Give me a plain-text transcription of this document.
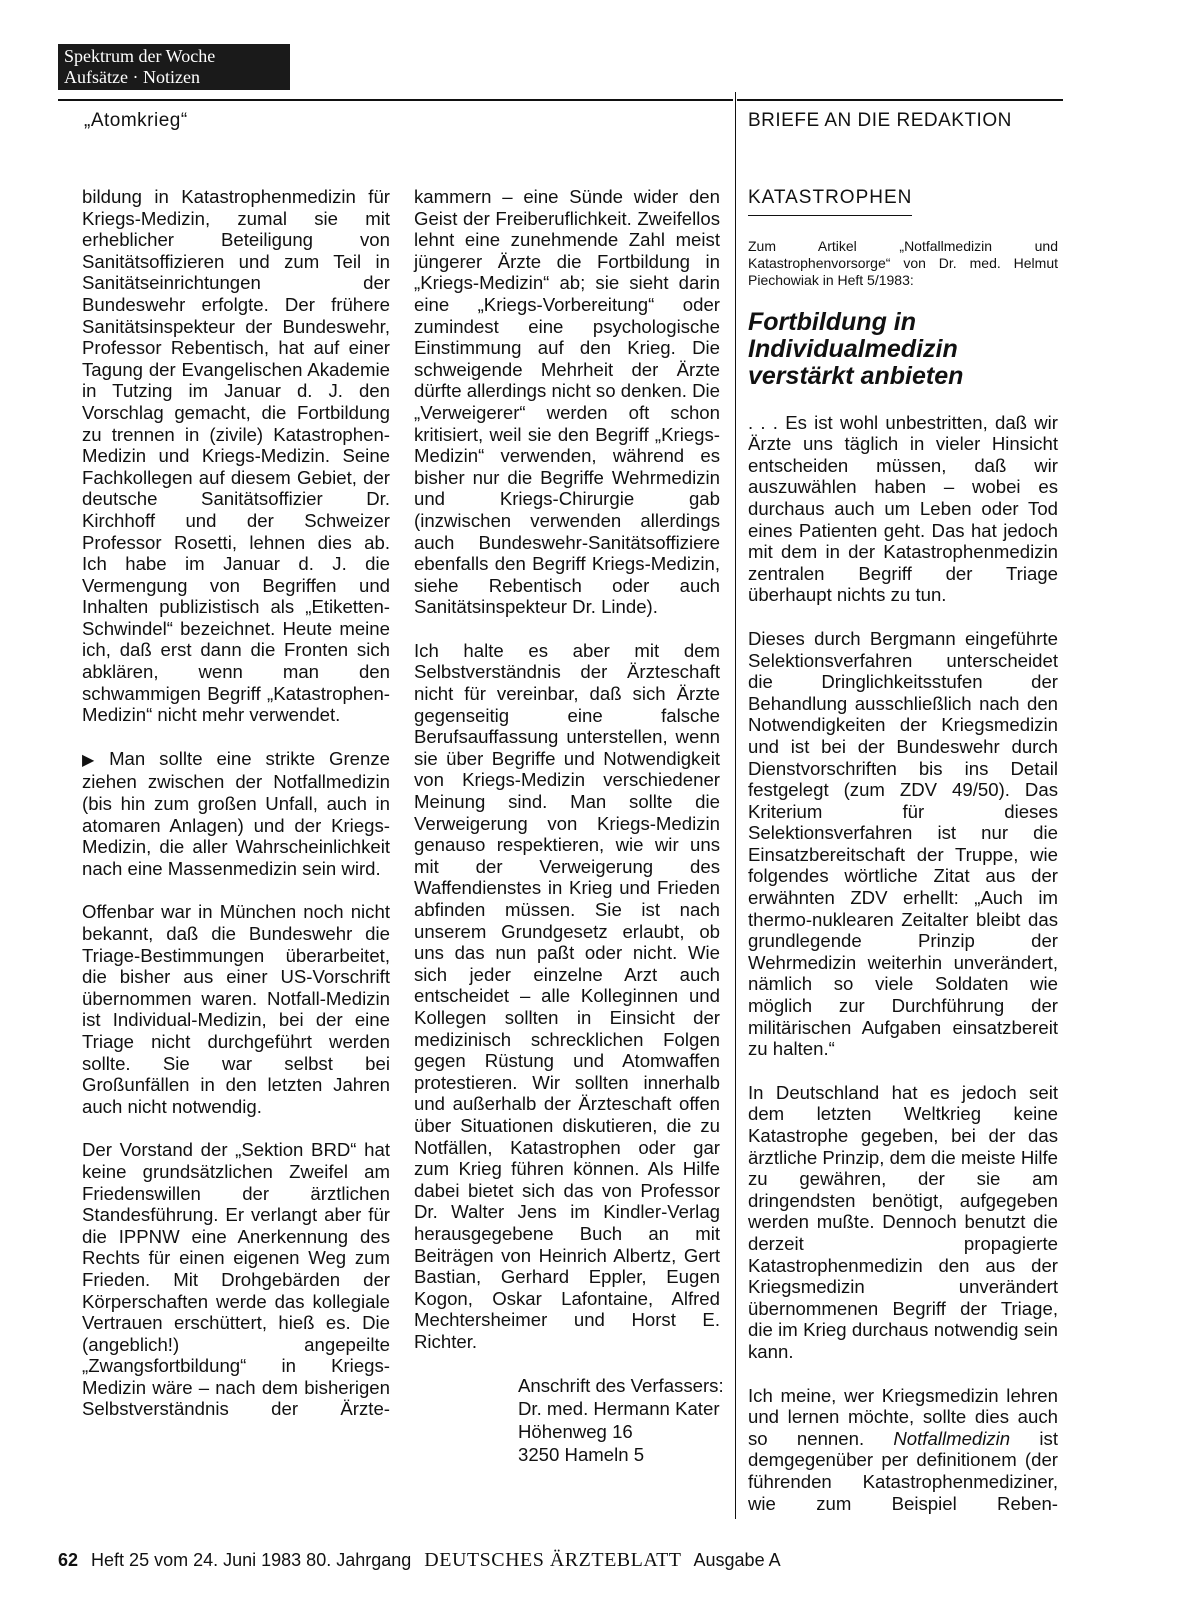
Spektrum der Woche
Aufsätze · Notizen
„Atomkrieg“	BRIEFE AN DIE REDAKTION

bildung in Katastrophenmedizin für Kriegs-Medizin, zumal sie mit erheblicher Beteiligung von Sanitätsoffizieren und zum Teil in Sanitätseinrichtungen der Bundeswehr erfolgte. Der frühere Sanitätsinspekteur der Bundeswehr, Professor Rebentisch, hat auf einer Tagung der Evangelischen Akademie in Tutzing im Januar d. J. den Vorschlag gemacht, die Fortbildung zu trennen in (zivile) Katastrophen-Medizin und Kriegs-Medizin. Seine Fachkollegen auf diesem Gebiet, der deutsche Sanitätsoffizier Dr. Kirchhoff und der Schweizer Professor Rosetti, lehnen dies ab. Ich habe im Januar d. J. die Vermengung von Begriffen und Inhalten publizistisch als „Etiketten-Schwindel“ bezeichnet. Heute meine ich, daß erst dann die Fronten sich abklären, wenn man den schwammigen Begriff „Katastrophen-Medizin“ nicht mehr verwendet.

▶ Man sollte eine strikte Grenze ziehen zwischen der Notfallmedizin (bis hin zum großen Unfall, auch in atomaren Anlagen) und der Kriegs-Medizin, die aller Wahrscheinlichkeit nach eine Massenmedizin sein wird.

Offenbar war in München noch nicht bekannt, daß die Bundeswehr die Triage-Bestimmungen überarbeitet, die bisher aus einer US-Vorschrift übernommen waren. Notfall-Medizin ist Individual-Medizin, bei der eine Triage nicht durchgeführt werden sollte. Sie war selbst bei Großunfällen in den letzten Jahren auch nicht notwendig.

Der Vorstand der „Sektion BRD“ hat keine grundsätzlichen Zweifel am Friedenswillen der ärztlichen Standesführung. Er verlangt aber für die IPPNW eine Anerkennung des Rechts für einen eigenen Weg zum Frieden. Mit Drohgebärden der Körperschaften werde das kollegiale Vertrauen erschüttert, hieß es. Die (angeblich!) angepeilte „Zwangsfortbildung“ in Kriegs-Medizin wäre – nach dem bisherigen Selbstverständnis der Ärzte-

kammern – eine Sünde wider den Geist der Freiberuflichkeit. Zweifellos lehnt eine zunehmende Zahl meist jüngerer Ärzte die Fortbildung in „Kriegs-Medizin“ ab; sie sieht darin eine „Kriegs-Vorbereitung“ oder zumindest eine psychologische Einstimmung auf den Krieg. Die schweigende Mehrheit der Ärzte dürfte allerdings nicht so denken. Die „Verweigerer“ werden oft schon kritisiert, weil sie den Begriff „Kriegs-Medizin“ verwenden, während es bisher nur die Begriffe Wehrmedizin und Kriegs-Chirurgie gab (inzwischen verwenden allerdings auch Bundeswehr-Sanitätsoffiziere ebenfalls den Begriff Kriegs-Medizin, siehe Rebentisch oder auch Sanitätsinspekteur Dr. Linde).

Ich halte es aber mit dem Selbstverständnis der Ärzteschaft nicht für vereinbar, daß sich Ärzte gegenseitig eine falsche Berufsauffassung unterstellen, wenn sie über Begriffe und Notwendigkeit von Kriegs-Medizin verschiedener Meinung sind. Man sollte die Verweigerung von Kriegs-Medizin genauso respektieren, wie wir uns mit der Verweigerung des Waffendienstes in Krieg und Frieden abfinden müssen. Sie ist nach unserem Grundgesetz erlaubt, ob uns das nun paßt oder nicht. Wie sich jeder einzelne Arzt auch entscheidet – alle Kolleginnen und Kollegen sollten in Einsicht der medizinisch schrecklichen Folgen gegen Rüstung und Atomwaffen protestieren. Wir sollten innerhalb und außerhalb der Ärzteschaft offen über Situationen diskutieren, die zu Notfällen, Katastrophen oder gar zum Krieg führen können. Als Hilfe dabei bietet sich das von Professor Dr. Walter Jens im Kindler-Verlag herausgegebene Buch an mit Beiträgen von Heinrich Albertz, Gert Bastian, Gerhard Eppler, Eugen Kogon, Oskar Lafontaine, Alfred Mechtersheimer und Horst E. Richter.

Anschrift des Verfassers:
Dr. med. Hermann Kater
Höhenweg 16
3250 Hameln 5
KATASTROPHEN
Zum Artikel „Notfallmedizin und Katastrophenvorsorge“ von Dr. med. Helmut Piechowiak in Heft 5/1983:
Fortbildung in Individualmedizin verstärkt anbieten

. . . Es ist wohl unbestritten, daß wir Ärzte uns täglich in vieler Hinsicht entscheiden müssen, daß wir auszuwählen haben – wobei es durchaus auch um Leben oder Tod eines Patienten geht. Das hat jedoch mit dem in der Katastrophenmedizin zentralen Begriff der Triage überhaupt nichts zu tun.

Dieses durch Bergmann eingeführte Selektionsverfahren unterscheidet die Dringlichkeitsstufen der Behandlung ausschließlich nach den Notwendigkeiten der Kriegsmedizin und ist bei der Bundeswehr durch Dienstvorschriften bis ins Detail festgelegt (zum ZDV 49/50). Das Kriterium für dieses Selektionsverfahren ist nur die Einsatzbereitschaft der Truppe, wie folgendes wörtliche Zitat aus der erwähnten ZDV erhellt: „Auch im thermo-nuklearen Zeitalter bleibt das grundlegende Prinzip der Wehrmedizin weiterhin unverändert, nämlich so viele Soldaten wie möglich zur Durchführung der militärischen Aufgaben einsatzbereit zu halten.“

In Deutschland hat es jedoch seit dem letzten Weltkrieg keine Katastrophe gegeben, bei der das ärztliche Prinzip, dem die meiste Hilfe zu gewähren, der sie am dringendsten benötigt, aufgegeben werden mußte. Dennoch benutzt die derzeit propagierte Katastrophenmedizin den aus der Kriegsmedizin unverändert übernommenen Begriff der Triage, die im Krieg durchaus notwendig sein kann.

Ich meine, wer Kriegsmedizin lehren und lernen möchte, sollte dies auch so nennen. Notfallmedizin ist demgegenüber per definitionem (der führenden Katastrophenmediziner, wie zum Beispiel Reben-

62 Heft 25 vom 24. Juni 1983 80. Jahrgang DEUTSCHES ÄRZTEBLATT Ausgabe A
